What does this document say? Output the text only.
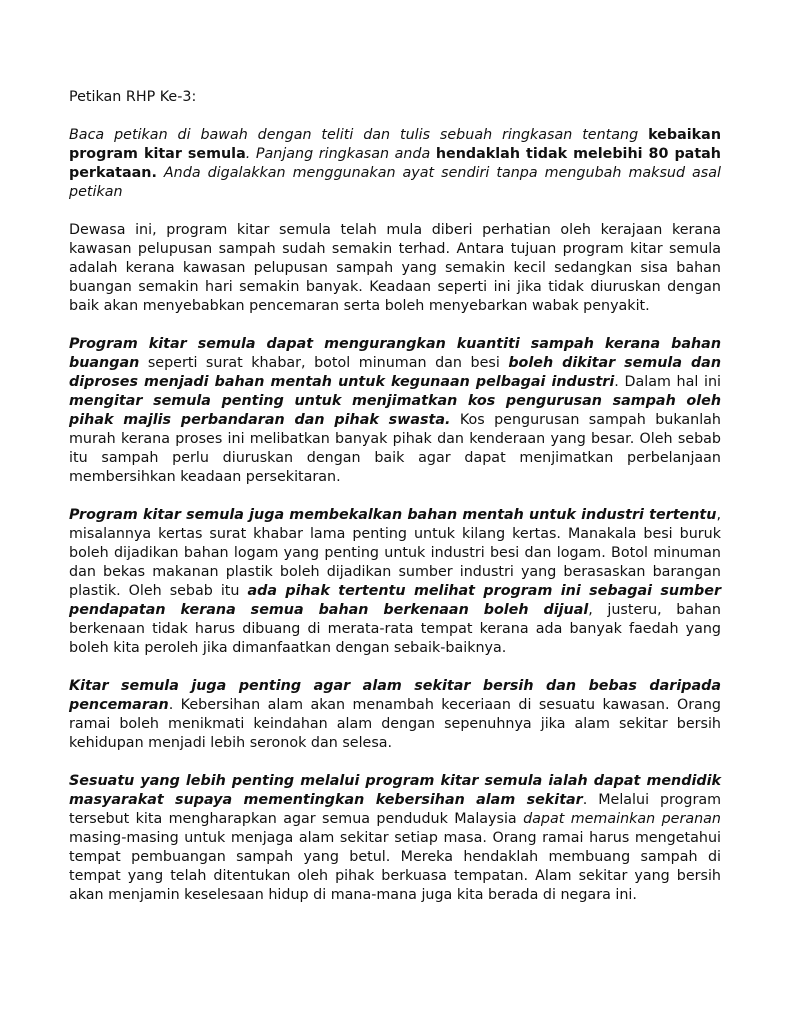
Petikan RHP Ke-3:

Baca petikan di bawah dengan teliti dan tulis sebuah ringkasan tentang kebaikan program kitar semula. Panjang ringkasan anda hendaklah tidak melebihi 80 patah perkataan. Anda digalakkan menggunakan ayat sendiri tanpa mengubah maksud asal petikan

Dewasa ini, program kitar semula telah mula diberi perhatian oleh kerajaan kerana kawasan pelupusan sampah sudah semakin terhad. Antara tujuan program kitar semula adalah kerana kawasan pelupusan sampah yang semakin kecil sedangkan sisa bahan buangan semakin hari semakin banyak. Keadaan seperti ini jika tidak diuruskan dengan baik akan menyebabkan pencemaran serta boleh menyebarkan wabak penyakit.

Program kitar semula dapat mengurangkan kuantiti sampah kerana bahan buangan seperti surat khabar, botol minuman dan besi boleh dikitar semula dan diproses menjadi bahan mentah untuk kegunaan pelbagai industri. Dalam hal ini mengitar semula penting untuk menjimatkan kos pengurusan sampah oleh pihak majlis perbandaran dan pihak swasta. Kos pengurusan sampah bukanlah murah kerana proses ini melibatkan banyak pihak dan kenderaan yang besar. Oleh sebab itu sampah perlu diuruskan dengan baik agar dapat menjimatkan perbelanjaan membersihkan keadaan persekitaran.

Program kitar semula juga membekalkan bahan mentah untuk industri tertentu, misalannya kertas surat khabar lama penting untuk kilang kertas. Manakala besi buruk boleh dijadikan bahan logam yang penting untuk industri besi dan logam. Botol minuman dan bekas makanan plastik boleh dijadikan sumber industri yang berasaskan barangan plastik. Oleh sebab itu ada pihak tertentu melihat program ini sebagai sumber pendapatan kerana semua bahan berkenaan boleh dijual, justeru, bahan berkenaan tidak harus dibuang di merata-rata tempat kerana ada banyak faedah yang boleh kita peroleh jika dimanfaatkan dengan sebaik-baiknya.

Kitar semula juga penting agar alam sekitar bersih dan bebas daripada pencemaran. Kebersihan alam akan menambah keceriaan di sesuatu kawasan. Orang ramai boleh menikmati keindahan alam dengan sepenuhnya jika alam sekitar bersih kehidupan menjadi lebih seronok dan selesa.

Sesuatu yang lebih penting melalui program kitar semula ialah dapat mendidik masyarakat supaya mementingkan kebersihan alam sekitar. Melalui program tersebut kita mengharapkan agar semua penduduk Malaysia dapat memainkan peranan masing-masing untuk menjaga alam sekitar setiap masa. Orang ramai harus mengetahui tempat pembuangan sampah yang betul. Mereka hendaklah membuang sampah di tempat yang telah ditentukan oleh pihak berkuasa tempatan. Alam sekitar yang bersih akan menjamin keselesaan hidup di mana-mana juga kita berada di negara ini.
